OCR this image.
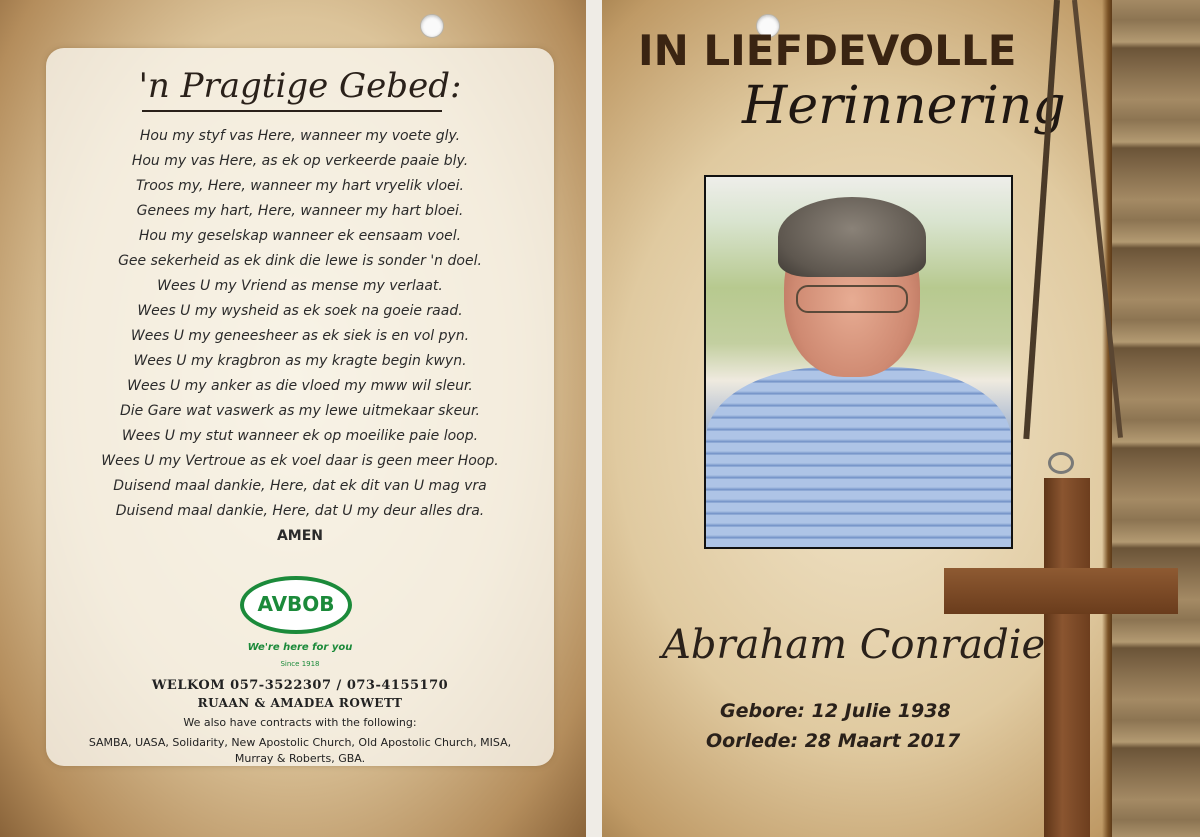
'n Pragtige Gebed:
Hou my styf vas Here, wanneer my voete gly.
Hou my vas Here, as ek op verkeerde paaie bly.
Troos my, Here, wanneer my hart vryelik vloei.
Genees my hart, Here, wanneer my hart bloei.
Hou my geselskap wanneer ek eensaam voel.
Gee sekerheid as ek dink die lewe is sonder 'n doel.
Wees U my Vriend as mense my verlaat.
Wees U my wysheid as ek soek na goeie raad.
Wees U my geneesheer as ek siek is en vol pyn.
Wees U my kragbron as my kragte begin kwyn.
Wees U my anker as die vloed my mww wil sleur.
Die Gare wat vaswerk as my lewe uitmekaar skeur.
Wees U my stut wanneer ek op moeilike paie loop.
Wees U my Vertroue as ek voel daar is geen meer Hoop.
Duisend maal dankie, Here, dat ek dit van U mag vra
Duisend maal dankie, Here, dat U my deur alles dra.
AMEN
AVBOB
We're here for you
Since 1918
WELKOM 057-3522307 / 073-4155170
RUAAN & AMADEA ROWETT
We also have contracts with the following:
SAMBA, UASA, Solidarity, New Apostolic Church, Old Apostolic Church, MISA,
Murray & Roberts, GBA.
IN LIEFDEVOLLE
Herinnering
Abraham Conradie
Gebore: 12 Julie 1938
Oorlede: 28 Maart 2017
